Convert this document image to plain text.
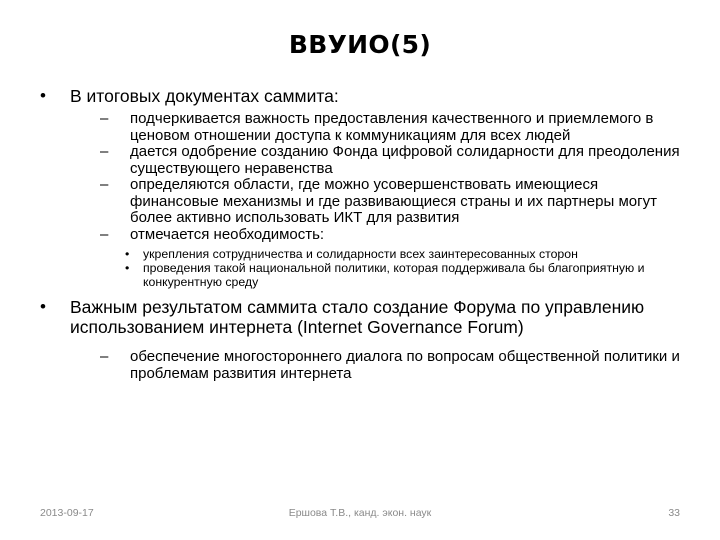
ВВУИО(5)
• В итоговых документах саммита:
–	подчеркивается важность предоставления качественного и приемлемого в ценовом отношении доступа к коммуникациям для всех людей
–	дается одобрение созданию Фонда цифровой солидарности для преодоления существующего неравенства
–	определяются области, где можно усовершенствовать имеющиеся финансовые механизмы и где развивающиеся страны и их партнеры могут более активно использовать ИКТ для развития
–	отмечается необходимость:
•	укрепления сотрудничества и солидарности всех заинтересованных сторон
•	проведения такой национальной политики, которая поддерживала бы благоприятную и конкурентную среду
• Важным результатом саммита стало создание Форума по управлению использованием интернета (Internet Governance Forum)
–	обеспечение многостороннего диалога по вопросам общественной политики и проблемам развития интернета
2013-09-17	Ершова Т.В., канд. экон. наук	33
